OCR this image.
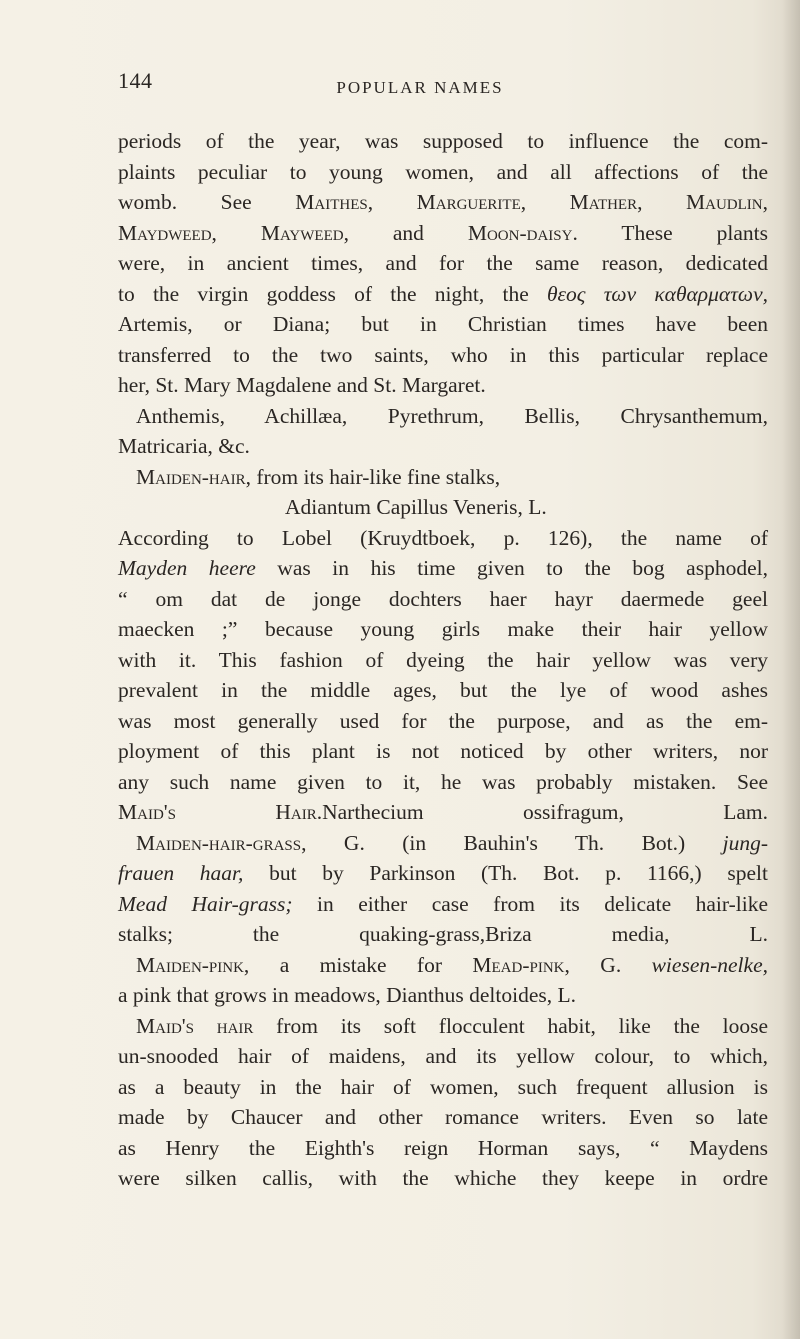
144	POPULAR NAMES
periods of the year, was supposed to influence the com-
plaints peculiar to young women, and all affections of the
womb. See Maithes, Marguerite, Mather, Maudlin,
Maydweed, Mayweed, and Moon-daisy. These plants
were, in ancient times, and for the same reason, dedicated
to the virgin goddess of the night, the θεος των καθαρματων,
Artemis, or Diana; but in Christian times have been
transferred to the two saints, who in this particular replace
her, St. Mary Magdalene and St. Margaret.
Anthemis, Achillæa, Pyrethrum, Bellis, Chrysanthemum,
Matricaria, &c.
Maiden-hair, from its hair-like fine stalks,
Adiantum Capillus Veneris, L.
According to Lobel (Kruydtboek, p. 126), the name of
Mayden heere was in his time given to the bog asphodel,
“ om dat de jonge dochters haer hayr daermede geel
maecken ;” because young girls make their hair yellow
with it. This fashion of dyeing the hair yellow was very
prevalent in the middle ages, but the lye of wood ashes
was most generally used for the purpose, and as the em-
ployment of this plant is not noticed by other writers, nor
any such name given to it, he was probably mistaken. See
Maid's Hair.Narthecium ossifragum, Lam.
Maiden-hair-grass, G. (in Bauhin's Th. Bot.) jung-
frauen haar, but by Parkinson (Th. Bot. p. 1166,) spelt
Mead Hair-grass; in either case from its delicate hair-like
stalks; the quaking-grass,Briza media, L.
Maiden-pink, a mistake for Mead-pink, G. wiesen-nelke,
a pink that grows in meadows, Dianthus deltoides, L.
Maid's hair from its soft flocculent habit, like the loose
un-snooded hair of maidens, and its yellow colour, to which,
as a beauty in the hair of women, such frequent allusion is
made by Chaucer and other romance writers. Even so late
as Henry the Eighth's reign Horman says, “ Maydens
were silken callis, with the whiche they keepe in ordre
